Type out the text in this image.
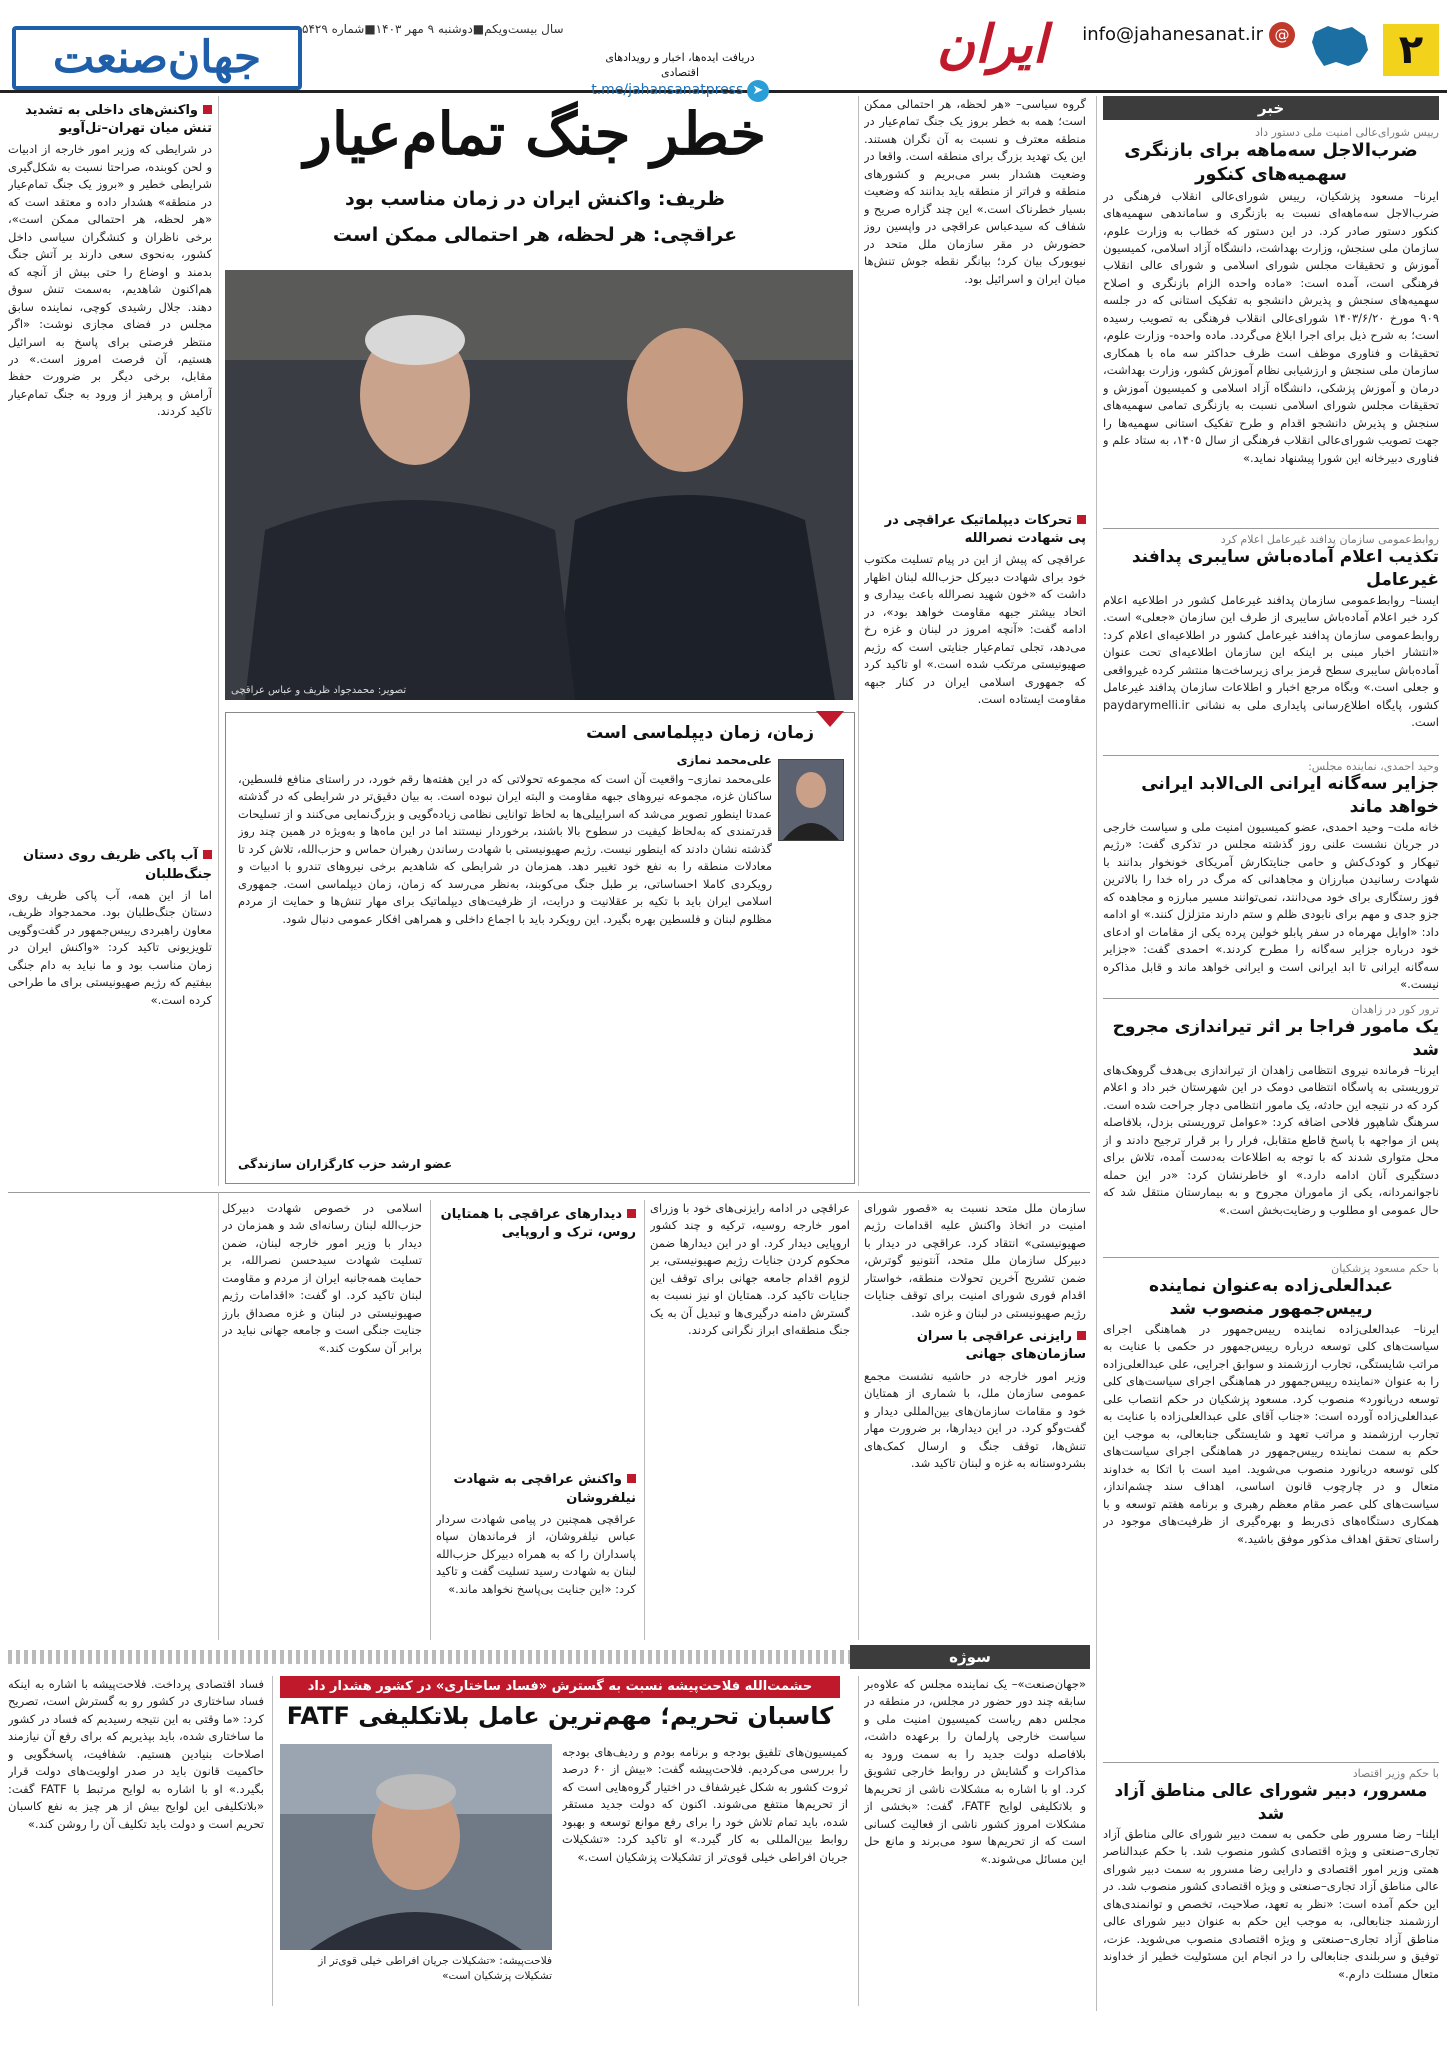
۲
@info@jahanesanat.ir
ایران
دریافت ایده‌ها، اخبار و رویدادهای اقتصادی
➤ t.me/jahansanatpress
سال بیست‌ویکم■دوشنبه ۹ مهر ۱۴۰۳■شماره ۵۴۲۹
جهان‌صنعت
خبر
رییس شورای‌عالی امنیت ملی دستور داد
ضرب‌الاجل سه‌ماهه برای بازنگری سهمیه‌های کنکور
ایرنا– مسعود پزشکیان، رییس شورای‌عالی انقلاب فرهنگی در ضرب‌الاجل سه‌ماهه‌ای نسبت به بازنگری و ساماندهی سهمیه‌های کنکور دستور صادر کرد. در این دستور که خطاب به وزارت علوم، سازمان ملی سنجش، وزارت بهداشت، دانشگاه آزاد اسلامی، کمیسیون آموزش و تحقیقات مجلس شورای اسلامی و شورای عالی انقلاب فرهنگی است، آمده است: «ماده واحده الزام بازنگری و اصلاح سهمیه‌های سنجش و پذیرش دانشجو به تفکیک استانی که در جلسه ۹۰۹ مورخ ۱۴۰۳/۶/۲۰ شورای‌عالی انقلاب فرهنگی به تصویب رسیده است؛ به شرح ذیل برای اجرا ابلاغ می‌گردد. ماده واحده- وزارت علوم، تحقیقات و فناوری موظف است ظرف حداکثر سه ماه با همکاری سازمان ملی سنجش و ارزشیابی نظام آموزش کشور، وزارت بهداشت، درمان و آموزش پزشکی، دانشگاه آزاد اسلامی و کمیسیون آموزش و تحقیقات مجلس شورای اسلامی نسبت به بازنگری تمامی سهمیه‌های سنجش و پذیرش دانشجو اقدام و طرح تفکیک استانی سهمیه‌ها را جهت تصویب شورای‌عالی انقلاب فرهنگی از سال ۱۴۰۵، به ستاد علم و فناوری دبیرخانه این شورا پیشنهاد نماید.»
روابط‌عمومی سازمان پدافند غیرعامل اعلام کرد
تکذیب اعلام آماده‌باش سایبری پدافند غیرعامل
ایسنا– روابط‌عمومی سازمان پدافند غیرعامل کشور در اطلاعیه اعلام کرد خبر اعلام آماده‌باش سایبری از طرف این سازمان «جعلی» است. روابط‌عمومی سازمان پدافند غیرعامل کشور در اطلاعیه‌ای اعلام کرد: «انتشار اخبار مبنی بر اینکه این سازمان اطلاعیه‌ای تحت عنوان آماده‌باش سایبری سطح قرمز برای زیرساخت‌ها منتشر کرده غیرواقعی و جعلی است.» وبگاه مرجع اخبار و اطلاعات سازمان پدافند غیرعامل کشور، پایگاه اطلاع‌رسانی پایداری ملی به نشانی paydarymelli.ir است.
وحید احمدی، نماینده مجلس:
جزایر سه‌گانه ایرانی الی‌الابد ایرانی خواهد ماند
خانه ملت– وحید احمدی، عضو کمیسیون امنیت ملی و سیاست خارجی در جریان نشست علنی روز گذشته مجلس در تذکری گفت: «رژیم تبهکار و کودک‌کش و حامی جنایتکارش آمریکای خونخوار بدانند با شهادت رسانیدن مبارزان و مجاهدانی که مرگ در راه خدا را بالاترین فوز رستگاری برای خود می‌دانند، نمی‌توانند مسیر مبارزه و مجاهده که جزو جدی و مهم برای نابودی ظلم و ستم دارند متزلزل کنند.» او ادامه داد: «اوایل مهرماه در سفر پابلو خولین پرده یکی از مقامات او ادعای خود درباره جزایر سه‌گانه را مطرح کردند.» احمدی گفت: «جزایر سه‌گانه ایرانی تا ابد ایرانی است و ایرانی خواهد ماند و قابل مذاکره نیست.»
ترور کور در زاهدان
یک مامور فراجا بر اثر تیراندازی مجروح شد
ایرنا– فرمانده نیروی انتظامی زاهدان از تیراندازی بی‌هدف گروهک‌های تروریستی به پاسگاه انتظامی دومک در این شهرستان خبر داد و اعلام کرد که در نتیجه این حادثه، یک مامور انتظامی دچار جراحت شده است. سرهنگ شاهپور فلاحی اضافه کرد: «عوامل تروریستی بزدل، بلافاصله پس از مواجهه با پاسخ قاطع متقابل، فرار را بر قرار ترجیح دادند و از محل متواری شدند که با توجه به اطلاعات به‌دست آمده، تلاش برای دستگیری آنان ادامه دارد.» او خاطرنشان کرد: «در این حمله ناجوانمردانه، یکی از ماموران مجروح و به بیمارستان منتقل شد که حال عمومی او مطلوب و رضایت‌بخش است.»
با حکم مسعود پزشکیان
عبدالعلی‌زاده به‌عنوان نماینده رییس‌جمهور منصوب شد
ایرنا– عبدالعلی‌زاده نماینده رییس‌جمهور در هماهنگی اجرای سیاست‌های کلی توسعه درباره رییس‌جمهور در حکمی با عنایت به مراتب شایستگی، تجارب ارزشمند و سوابق اجرایی، علی عبدالعلی‌زاده را به عنوان «نماینده رییس‌جمهور در هماهنگی اجرای سیاست‌های کلی توسعه دریانورد» منصوب کرد. مسعود پزشکیان در حکم انتصاب علی عبدالعلی‌زاده آورده است: «جناب آقای علی عبدالعلی‌زاده با عنایت به تجارب ارزشمند و مراتب تعهد و شایستگی جنابعالی، به موجب این حکم به سمت نماینده رییس‌جمهور در هماهنگی اجرای سیاست‌های کلی توسعه دریانورد منصوب می‌شوید. امید است با اتکا به خداوند متعال و در چارچوب قانون اساسی، اهداف سند چشم‌انداز، سیاست‌های کلی عصر مقام معظم رهبری و برنامه هفتم توسعه و با همکاری دستگاه‌های ذی‌ربط و بهره‌گیری از ظرفیت‌های موجود در راستای تحقق اهداف مذکور موفق باشید.»
با حکم وزیر اقتصاد
مسرور، دبیر شورای عالی مناطق آزاد شد
ایلنا– رضا مسرور طی حکمی به سمت دبیر شورای عالی مناطق آزاد تجاری–صنعتی و ویژه اقتصادی کشور منصوب شد. با حکم عبدالناصر همتی وزیر امور اقتصادی و دارایی رضا مسرور به سمت دبیر شورای عالی مناطق آزاد تجاری–صنعتی و ویژه اقتصادی کشور منصوب شد. در این حکم آمده است: «نظر به تعهد، صلاحیت، تخصص و توانمندی‌های ارزشمند جنابعالی، به موجب این حکم به عنوان دبیر شورای عالی مناطق آزاد تجاری–صنعتی و ویژه اقتصادی منصوب می‌شوید. عزت، توفیق و سربلندی جنابعالی را در انجام این مسئولیت خطیر از خداوند متعال مسئلت دارم.»
خطر جنگ تمام‌عیار
ظریف: واکنش ایران در زمان مناسب بود
عراقچی: هر لحظه، هر احتمالی ممکن است
تصویر: محمدجواد ظریف و عباس عراقچی
گروه سیاسی– «هر لحظه، هر احتمالی ممکن است؛ همه به خطر بروز یک جنگ تمام‌عیار در منطقه معترف و نسبت به آن نگران هستند. این یک تهدید بزرگ برای منطقه است. واقعا در وضعیت هشدار بسر می‌بریم و کشورهای منطقه و فراتر از منطقه باید بدانند که وضعیت بسیار خطرناک است.» این چند گزاره صریح و شفاف که سیدعباس عراقچی در واپسین روز حضورش در مقر سازمان ملل متحد در نیویورک بیان کرد؛ بیانگر نقطه جوش تنش‌ها میان ایران و اسرائیل بود.
تحرکات دیپلماتیک عراقچی در پی شهادت نصرالله
عراقچی که پیش از این در پیام تسلیت مکتوب خود برای شهادت دبیرکل حزب‌الله لبنان اظهار داشت که «خون شهید نصرالله باعث بیداری و اتحاد بیشتر جبهه مقاومت خواهد بود»، در ادامه گفت: «آنچه امروز در لبنان و غزه رخ می‌دهد، تجلی تمام‌عیار جنایتی است که رژیم صهیونیستی مرتکب شده است.» او تاکید کرد که جمهوری اسلامی ایران در کنار جبهه مقاومت ایستاده است.
واکنش‌های داخلی به تشدید تنش میان تهران–تل‌آویو
در شرایطی که وزیر امور خارجه از ادبیات و لحن کوبنده، صراحتا نسبت به شکل‌گیری شرایطی خطیر و «بروز یک جنگ تمام‌عیار در منطقه» هشدار داده و معتقد است که «هر لحظه، هر احتمالی ممکن است»، برخی ناظران و کنشگران سیاسی داخل کشور، به‌نحوی سعی دارند بر آتش جنگ بدمند و اوضاع را حتی بیش از آنچه که هم‌اکنون شاهدیم، به‌سمت تنش سوق دهند. جلال رشیدی کوچی، نماینده سابق مجلس در فضای مجازی نوشت: «اگر منتظر فرصتی برای پاسخ به اسرائیل هستیم، آن فرصت امروز است.» در مقابل، برخی دیگر بر ضرورت حفظ آرامش و پرهیز از ورود به جنگ تمام‌عیار تاکید کردند.
آب پاکی ظریف روی دستان جنگ‌طلبان
اما از این همه، آب پاکی ظریف روی دستان جنگ‌طلبان بود. محمدجواد ظریف، معاون راهبردی رییس‌جمهور در گفت‌وگویی تلویزیونی تاکید کرد: «واکنش ایران در زمان مناسب بود و ما نباید به دام جنگی بیفتیم که رژیم صهیونیستی برای ما طراحی کرده است.»
زمان، زمان دیپلماسی است
علی‌محمد نمازی
علی‌محمد نمازی– واقعیت آن است که مجموعه تحولاتی که در این هفته‌ها رقم خورد، در راستای منافع فلسطین، ساکنان غزه، مجموعه نیروهای جبهه مقاومت و البته ایران نبوده است. به بیان دقیق‌تر در شرایطی که در گذشته عمدتا اینطور تصویر می‌شد که اسراییلی‌ها به لحاظ توانایی نظامی زیاده‌گویی و بزرگ‌نمایی می‌کنند و از تسلیحات قدرتمندی که به‌لحاظ کیفیت در سطوح بالا باشند، برخوردار نیستند اما در این ماه‌ها و به‌ویژه در همین چند روز گذشته نشان دادند که اینطور نیست. رژیم صهیونیستی با شهادت رساندن رهبران حماس و حزب‌الله، تلاش کرد تا معادلات منطقه را به نفع خود تغییر دهد. همزمان در شرایطی که شاهدیم برخی نیروهای تندرو با ادبیات و رویکردی کاملا احساساتی، بر طبل جنگ می‌کوبند، به‌نظر می‌رسد که زمان، زمان دیپلماسی است. جمهوری اسلامی ایران باید با تکیه بر عقلانیت و درایت، از ظرفیت‌های دیپلماتیک برای مهار تنش‌ها و حمایت از مردم مظلوم لبنان و فلسطین بهره بگیرد. این رویکرد باید با اجماع داخلی و همراهی افکار عمومی دنبال شود.
عضو ارشد حزب کارگزاران سازندگی
سازمان ملل متحد نسبت به «قصور شورای امنیت در اتخاذ واکنش علیه اقدامات رژیم صهیونیستی» انتقاد کرد. عراقچی در دیدار با دبیرکل سازمان ملل متحد، آنتونیو گوترش، ضمن تشریح آخرین تحولات منطقه، خواستار اقدام فوری شورای امنیت برای توقف جنایات رژیم صهیونیستی در لبنان و غزه شد.
رایزنی عراقچی با سران سازمان‌های جهانی
وزیر امور خارجه در حاشیه نشست مجمع عمومی سازمان ملل، با شماری از همتایان خود و مقامات سازمان‌های بین‌المللی دیدار و گفت‌وگو کرد. در این دیدارها، بر ضرورت مهار تنش‌ها، توقف جنگ و ارسال کمک‌های بشردوستانه به غزه و لبنان تاکید شد.
عراقچی در ادامه رایزنی‌های خود با وزرای امور خارجه روسیه، ترکیه و چند کشور اروپایی دیدار کرد. او در این دیدارها ضمن محکوم کردن جنایات رژیم صهیونیستی، بر لزوم اقدام جامعه جهانی برای توقف این جنایات تاکید کرد. همتایان او نیز نسبت به گسترش دامنه درگیری‌ها و تبدیل آن به یک جنگ منطقه‌ای ابراز نگرانی کردند.
دیدارهای عراقچی با همتایان روس، ترک و اروپایی
واکنش عراقچی به شهادت نیلفروشان
عراقچی همچنین در پیامی شهادت سردار عباس نیلفروشان، از فرماندهان سپاه پاسداران را که به همراه دبیرکل حزب‌الله لبنان به شهادت رسید تسلیت گفت و تاکید کرد: «این جنایت بی‌پاسخ نخواهد ماند.»
اسلامی در خصوص شهادت دبیرکل حزب‌الله لبنان رسانه‌ای شد و همزمان در دیدار با وزیر امور خارجه لبنان، ضمن تسلیت شهادت سیدحسن نصرالله، بر حمایت همه‌جانبه ایران از مردم و مقاومت لبنان تاکید کرد. او گفت: «اقدامات رژیم صهیونیستی در لبنان و غزه مصداق بارز جنایت جنگی است و جامعه جهانی نباید در برابر آن سکوت کند.»
سوژه
حشمت‌الله فلاحت‌پیشه نسبت به گسترش «فساد ساختاری» در کشور هشدار داد
کاسبان تحریم؛ مهم‌ترین عامل بلاتکلیفی FATF
«جهان‌صنعت»– یک نماینده مجلس که علاوه‌بر سابقه چند دور حضور در مجلس، در منطقه در مجلس دهم ریاست کمیسیون امنیت ملی و سیاست خارجی پارلمان را برعهده داشت، بلافاصله دولت جدید را به سمت ورود به مذاکرات و گشایش در روابط خارجی تشویق کرد. او با اشاره به مشکلات ناشی از تحریم‌ها و بلاتکلیفی لوایح FATF، گفت: «بخشی از مشکلات امروز کشور ناشی از فعالیت کسانی است که از تحریم‌ها سود می‌برند و مانع حل این مسائل می‌شوند.»
کمیسیون‌های تلفیق بودجه و برنامه بودم و ردیف‌های بودجه را بررسی می‌کردیم. فلاحت‌پیشه گفت: «بیش از ۶۰ درصد ثروت کشور به شکل غیرشفاف در اختیار گروه‌هایی است که از تحریم‌ها منتفع می‌شوند. اکنون که دولت جدید مستقر شده، باید تمام تلاش خود را برای رفع موانع توسعه و بهبود روابط بین‌المللی به کار گیرد.» او تاکید کرد: «تشکیلات جریان افراطی خیلی قوی‌تر از تشکیلات پزشکیان است.»
فلاحت‌پیشه: «تشکیلات جریان افراطی خیلی قوی‌تر از تشکیلات پزشکیان است»
فساد اقتصادی پرداخت. فلاحت‌پیشه با اشاره به اینکه فساد ساختاری در کشور رو به گسترش است، تصریح کرد: «ما وقتی به این نتیجه رسیدیم که فساد در کشور ما ساختاری شده، باید بپذیریم که برای رفع آن نیازمند اصلاحات بنیادین هستیم. شفافیت، پاسخگویی و حاکمیت قانون باید در صدر اولویت‌های دولت قرار بگیرد.» او با اشاره به لوایح مرتبط با FATF گفت: «بلاتکلیفی این لوایح بیش از هر چیز به نفع کاسبان تحریم است و دولت باید تکلیف آن را روشن کند.»
